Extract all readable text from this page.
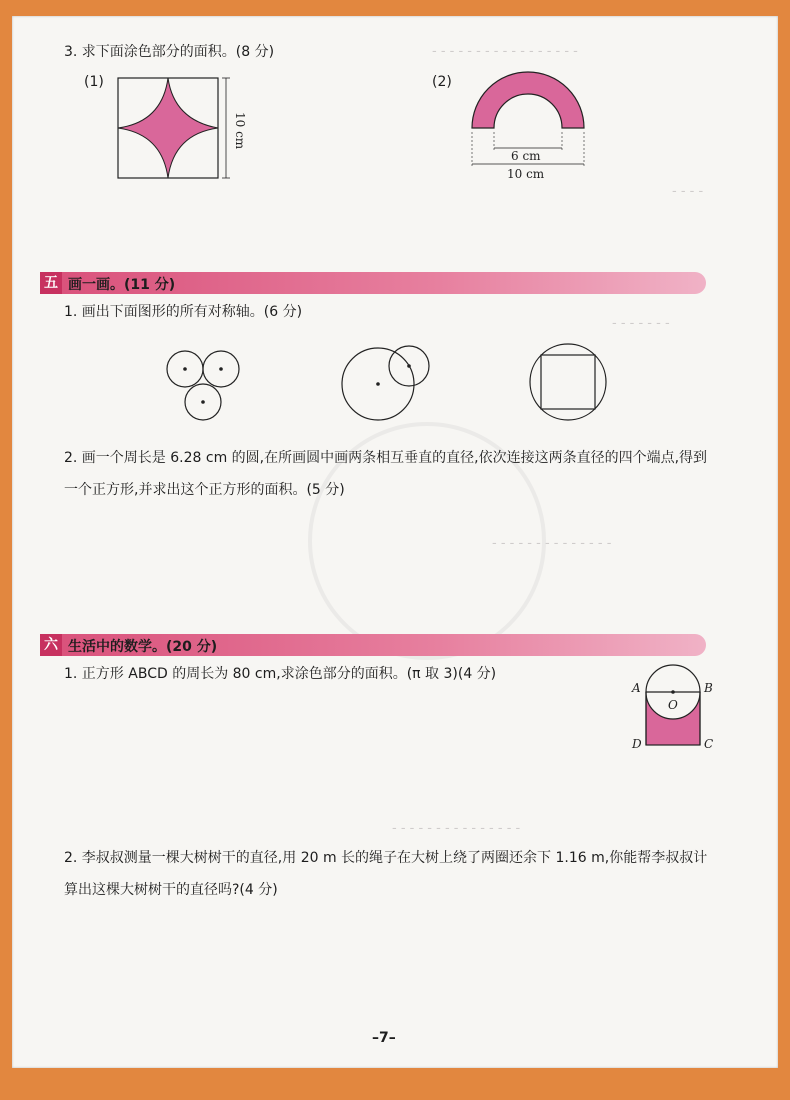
- - - - - - - - - - - - - - - - -
- - - -
- - - - - - -
- - - - - - - - - - - - - -
- - - - - - - - - - - - - - -
3. 求下面涂色部分的面积。(8 分)
(1)
10 cm
(2)
6 cm
10 cm
五 画一画。(11 分)
1. 画出下面图形的所有对称轴。(6 分)
2. 画一个周长是 6.28 cm 的圆,在所画圆中画两条相互垂直的直径,依次连接这两条直径的四个端点,得到一个正方形,并求出这个正方形的面积。(5 分)
六 生活中的数学。(20 分)
1. 正方形 ABCD 的周长为 80 cm,求涂色部分的面积。(π 取 3)(4 分)
A	B
D	C
O
2. 李叔叔测量一棵大树树干的直径,用 20 m 长的绳子在大树上绕了两圈还余下 1.16 m,你能帮李叔叔计算出这棵大树树干的直径吗?(4 分)
–7–
